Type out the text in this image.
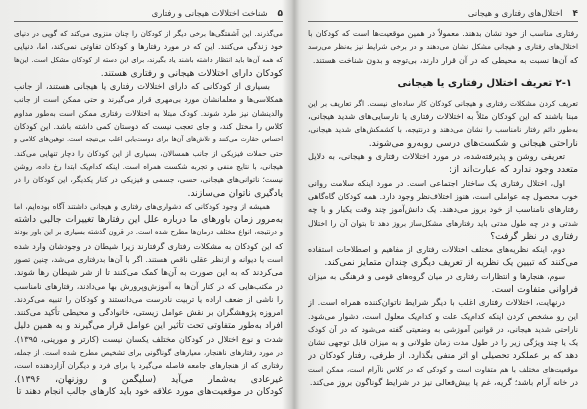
۵
شناخت اختلالات هیجانی و رفتاری
می‌گذرند. این آشفتگی‌ها برخی دیگر از کودکان را چنان منزوی می‌کند که گویی در دنیای
خود زندگی می‌کنند. این که در مورد رفتارها و کودکان تفاوتی نمی‌کند، اما، دنیایی
که همه آن‌ها باید انتظار داشته باشند یاد بگیرند، برای این دسته از کودکان مشکل است. این‌ها
کودکان دارای اختلالات هیجانی و رفتاری هستند.
بسیاری از کودکانی که دارای اختلالات رفتاری یا هیجانی هستند، از جانب
همکلاسی‌ها و معلمانشان مورد بی‌مهری قرار می‌گیرند و حتی ممکن است از جانب
والدینشان نیز طرد شوند. کودک مبتلا به اختلالات رفتاری ممکن است به‌طور مداوم
کلاس را مختل کند، و جای تعجب نیست که دوستان کمی داشته باشد. این کودکان
احساس حقارت می‌کنند و تلاش‌های آن‌ها برای دوست‌یابی اغلب بی‌نتیجه است. توهین‌های کلامی و
حتی حملات فیزیکی از جانب همسالان، بسیاری از این کودکان را دچار تنهایی می‌کند.
هیجانی، با نتایج منفی و تجربه شکست همراه است. اینکه کدام‌یک ابتدا رخ داده، روشن
نیست؛ ناتوانی‌های هیجانی، حسی، جسمی و فیزیکی در کنار یکدیگر، این کودکان را در
یادگیری ناتوان می‌سازند.
همیشه از وجود کودکانی که دشواری‌های رفتاری و هیجانی داشتند آگاه بوده‌ایم، اما
به‌مرور زمان باورهای ما درباره علل این رفتارها تغییرات جالبی داشته
و درنتیجه، انواع مختلف درمان‌ها مطرح شده است. در قرون گذشته بسیاری بر این باور بودند
که این کودکان به مشکلات رفتاری گرفتارند زیرا شیطان در وجودشان وارد شده
است یا دیوانه و ازنظر عقلی ناقص هستند. اگر با آن‌ها بدرفتاری می‌شد، چنین تصور
می‌کردند که به این صورت به آن‌ها کمک می‌کنند تا از شر شیطان رها شوند.
در مکتب‌هایی که در کنار آن‌ها به آموزش‌وپرورش بها می‌دادند، رفتارهای نامناسب
را ناشی از ضعف اراده یا تربیت نادرست می‌دانستند و کودکان را تنبیه می‌کردند.
امروزه پژوهشگران بر نقش عوامل زیستی، خانوادگی و محیطی تأکید می‌کنند.
افراد به‌طور متفاوتی تحت تأثیر این عوامل قرار می‌گیرند و به همین دلیل
شدت و نوع اختلال در کودکان مختلف یکسان نیست (کارتر و مورینی، ۱۳۹۵).
در مورد رفتارهای ناهنجار، معیارهای گوناگونی برای تشخیص مطرح شده است. از جمله،
رفتاری که از هنجارهای جامعه فاصله می‌گیرد یا برای فرد و دیگران آزاردهنده است،
غیرعادی به‌شمار می‌آید (سلیگمن و روزنهان، ۱۳۹۶).
کودکان در موقعیت‌های مورد علاقه خود باید کارهای جالب انجام دهند تا
۴
اختلال‌های رفتاری و هیجانی
رفتاری مناسب از خود نشان بدهند. معمولاً در همین موقعیت‌ها است که کودکان با
اختلال‌های رفتاری و هیجانی مشکل نشان می‌دهند و در برخی شرایط نیز به‌نظر می‌رسد
که آن‌ها نسبت به محیطی که در آن قرار دارند، بی‌توجه و بدون شناخت هستند.
۲-۱ تعریف اختلال رفتاری یا هیجانی
تعریف کردن مشکلات رفتاری و هیجانی کودکان کار ساده‌ای نیست. اگر تعاریف بر این
مبنا باشند که این کودکان مثلاً به اختلالات رفتاری یا نارسایی‌های شدید هیجانی،
به‌طور دائم رفتار نامناسب را نشان می‌دهند و درنتیجه، با کشمکش‌های شدید هیجانی،
ناراحتی هیجانی و شکست‌های درسی روبه‌رو می‌شوند.
تعریفی روشن و پذیرفته‌شده، در مورد اختلالات رفتاری و هیجانی، به دلایل
متعدد وجود ندارد که عبارت‌اند از:
اول، اختلال رفتاری یک ساختار اجتماعی است. در مورد اینکه سلامت روانی
خوب محصول چه عواملی است، هنوز اختلاف‌نظر وجود دارد. همه کودکان گاه‌گاهی
رفتارهای نامناسب از خود بروز می‌دهند. یک دانش‌آموز چند وقت یکبار و با چه
شدتی و در چه طول مدتی باید رفتارهای مشکل‌ساز بروز دهد تا بتوان آن را اختلال
رفتاری در نظر گرفت؟
دوم، اینکه نظریه‌های مختلف اختلالات رفتاری از مفاهیم و اصطلاحات استفاده
می‌کنند که تبیین یک نظریه از تعریف دیگری چندان متمایز نمی‌کند.
سوم، هنجارها و انتظارات رفتاری در میان گروه‌های قومی و فرهنگی به میزان
فراوانی متفاوت است.
درنهایت، اختلالات رفتاری اغلب با دیگر شرایط ناتوان‌کننده همراه است. از
این رو مشخص کردن اینکه کدام‌یک علت و کدام‌یک معلول است، دشوار می‌شود.
ناراحتی شدید هیجانی، در قوانین آموزشی به وضعیتی گفته می‌شود که در آن کودک
یک یا چند ویژگی زیر را در طول مدت زمان طولانی و به میزان قابل توجهی نشان
دهد که بر عملکرد تحصیلی او اثر منفی بگذارد. از طرفی، رفتار کودکان در
موقعیت‌های مختلف با هم متفاوت است و کودکی که در کلاس ناآرام است، ممکن است
در خانه آرام باشد؛ گریه، غم یا بیش‌فعالی نیز در شرایط گوناگون بروز می‌کند.
